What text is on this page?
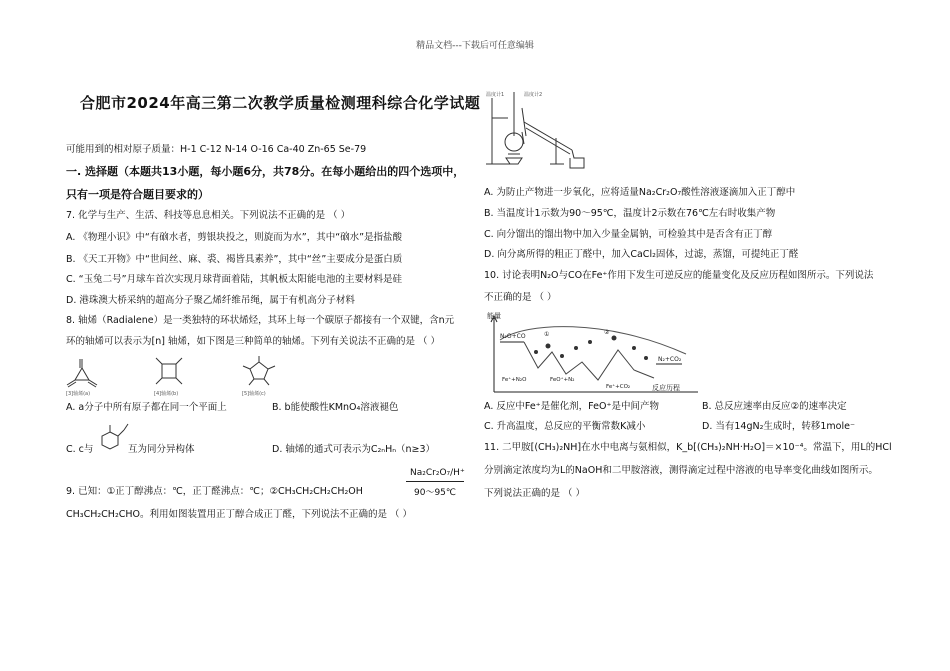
精品文档---下载后可任意编辑
合肥市2024年高三第二次教学质量检测理科综合化学试题
可能用到的相对原子质量：H-1 C-12 N-14 O-16 Ca-40 Zn-65 Se-79
一. 选择题（本题共13小题，每小题6分，共78分。在每小题给出的四个选项中，
只有一项是符合题目要求的）
7. 化学与生产、生活、科技等息息相关。下列说法不正确的是 （ ）
A. 《物理小识》中“有硇水者，剪银块投之，则旋而为水”，其中“硇水”是指盐酸
B. 《天工开物》中“世间丝、麻、裘、褐皆具素养”，其中“丝”主要成分是蛋白质
C. “玉兔二号”月球车首次实现月球背面着陆，其帆板太阳能电池的主要材料是硅
D. 港珠澳大桥采纳的超高分子聚乙烯纤维吊绳，属于有机高分子材料
8. 轴烯（Radialene）是一类独特的环状烯烃，其环上每一个碳原子都接有一个双键，含n元
环的轴烯可以表示为[n] 轴烯，如下图是三种简单的轴烯。下列有关说法不正确的是 （ ）
[3]轴烯(a)	[4]轴烯(b)	[5]轴烯(c)
A. a分子中所有原子都在同一个平面上	B. b能使酸性KMnO₄溶液褪色
C. c与	互为同分异构体	D. 轴烯的通式可表示为C₂ₙHₙ（n≥3）
9. 已知：①正丁醇沸点：℃，正丁醛沸点：℃；②CH₃CH₂CH₂CH₂OH
Na₂Cr₂O₇/H⁺
90～95℃
CH₃CH₂CH₂CHO。利用如图装置用正丁醇合成正丁醛，下列说法不正确的是 （ ）
温度计1	温度计2
A. 为防止产物进一步氧化，应将适量Na₂Cr₂O₇酸性溶液逐滴加入正丁醇中
B. 当温度计1示数为90～95℃，温度计2示数在76℃左右时收集产物
C. 向分馏出的馏出物中加入少量金属钠，可检验其中是否含有正丁醇
D. 向分离所得的粗正丁醛中，加入CaCl₂固体，过滤，蒸馏，可提纯正丁醛
10. 讨论表明N₂O与CO在Fe⁺作用下发生可逆反应的能量变化及反应历程如图所示。下列说法
不正确的是 （ ）
能量
N₂O+CO
N₂+CO₂
Fe⁺+N₂O	FeO⁺+N₂
Fe⁺+CO₂
①	②
反应历程
A. 反应中Fe⁺是催化剂，FeO⁺是中间产物	B. 总反应速率由反应②的速率决定
C. 升高温度，总反应的平衡常数K减小	D. 当有14gN₂生成时，转移1mole⁻
11. 二甲胺[(CH₃)₂NH]在水中电离与氨相似，K_b[(CH₃)₂NH·H₂O]＝×10⁻⁴。常温下，用L的HCl
分别滴定浓度均为L的NaOH和二甲胺溶液，测得滴定过程中溶液的电导率变化曲线如图所示。
下列说法正确的是 （ ）
